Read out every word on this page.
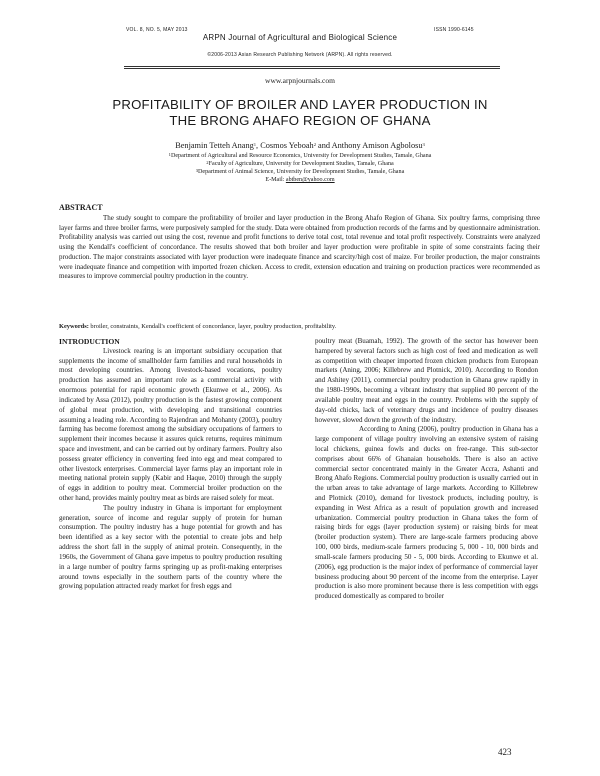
VOL. 8, NO. 5, MAY 2013	ISSN 1990-6145
ARPN Journal of Agricultural and Biological Science
©2006-2013 Asian Research Publishing Network (ARPN). All rights reserved.
www.arpnjournals.com
PROFITABILITY OF BROILER AND LAYER PRODUCTION IN
THE BRONG AHAFO REGION OF GHANA
Benjamin Tetteh Anang$^1$, Cosmos Yeboah$^2$ and Anthony Amison Agbolosu$^3$
$^1$Department of Agricultural and Resource Economics, University for Development Studies, Tamale, Ghana
$^2$Faculty of Agriculture, University for Development Studies, Tamale, Ghana
$^3$Department of Animal Science, University for Development Studies, Tamale, Ghana
E-Mail: abtben@yahoo.com
ABSTRACT

The study sought to compare the profitability of broiler and layer production in the Brong Ahafo Region of Ghana. Six poultry farms, comprising three layer farms and three broiler farms, were purposively sampled for the study. Data were obtained from production records of the farms and by questionnaire administration. Profitability analysis was carried out using the cost, revenue and profit functions to derive total cost, total revenue and total profit respectively. Constraints were analyzed using the Kendall's coefficient of concordance. The results showed that both broiler and layer production were profitable in spite of some constraints facing their production. The major constraints associated with layer production were inadequate finance and scarcity/high cost of maize. For broiler production, the major constraints were inadequate finance and competition with imported frozen chicken. Access to credit, extension education and training on production practices were recommended as measures to improve commercial poultry production in the country.

Keywords: broiler, constraints, Kendall's coefficient of concordance, layer, poultry production, profitability.

INTRODUCTION

Livestock rearing is an important subsidiary occupation that supplements the income of smallholder farm families and rural households in most developing countries. Among livestock-based vocations, poultry production has assumed an important role as a commercial activity with enormous potential for rapid economic growth (Ekunwe et al., 2006). As indicated by Assa (2012), poultry production is the fastest growing component of global meat production, with developing and transitional countries assuming a leading role. According to Rajendran and Mohanty (2003), poultry farming has become foremost among the subsidiary occupations of farmers to supplement their incomes because it assures quick returns, requires minimum space and investment, and can be carried out by ordinary farmers. Poultry also possess greater efficiency in converting feed into egg and meat compared to other livestock enterprises. Commercial layer farms play an important role in meeting national protein supply (Kabir and Haque, 2010) through the supply of eggs in addition to poultry meat. Commercial broiler production on the other hand, provides mainly poultry meat as birds are raised solely for meat.

The poultry industry in Ghana is important for employment generation, source of income and regular supply of protein for human consumption. The poultry industry has a huge potential for growth and has been identified as a key sector with the potential to create jobs and help address the short fall in the supply of animal protein. Consequently, in the 1960s, the Government of Ghana gave impetus to poultry production resulting in a large number of poultry farms springing up as profit-making enterprises around towns especially in the southern parts of the country where the growing population attracted ready market for fresh eggs and

poultry meat (Buamah, 1992). The growth of the sector has however been hampered by several factors such as high cost of feed and medication as well as competition with cheaper imported frozen chicken products from European markets (Aning, 2006; Killebrew and Plotnick, 2010). According to Rondon and Ashitey (2011), commercial poultry production in Ghana grew rapidly in the 1980-1990s, becoming a vibrant industry that supplied 80 percent of the available poultry meat and eggs in the country. Problems with the supply of day-old chicks, lack of veterinary drugs and incidence of poultry diseases however, slowed down the growth of the industry.

According to Aning (2006), poultry production in Ghana has a large component of village poultry involving an extensive system of raising local chickens, guinea fowls and ducks on free-range. This sub-sector comprises about 66% of Ghanaian households. There is also an active commercial sector concentrated mainly in the Greater Accra, Ashanti and Brong Ahafo Regions. Commercial poultry production is usually carried out in the urban areas to take advantage of large markets. According to Killebrew and Plotnick (2010), demand for livestock products, including poultry, is expanding in West Africa as a result of population growth and increased urbanization. Commercial poultry production in Ghana takes the form of raising birds for eggs (layer production system) or raising birds for meat (broiler production system). There are large-scale farmers producing above 100, 000 birds, medium-scale farmers producing 5, 000 - 10, 000 birds and small-scale farmers producing 50 - 5, 000 birds. According to Ekunwe et al. (2006), egg production is the major index of performance of commercial layer business producing about 90 percent of the income from the enterprise. Layer production is also more prominent because there is less competition with eggs produced domestically as compared to broiler

423
